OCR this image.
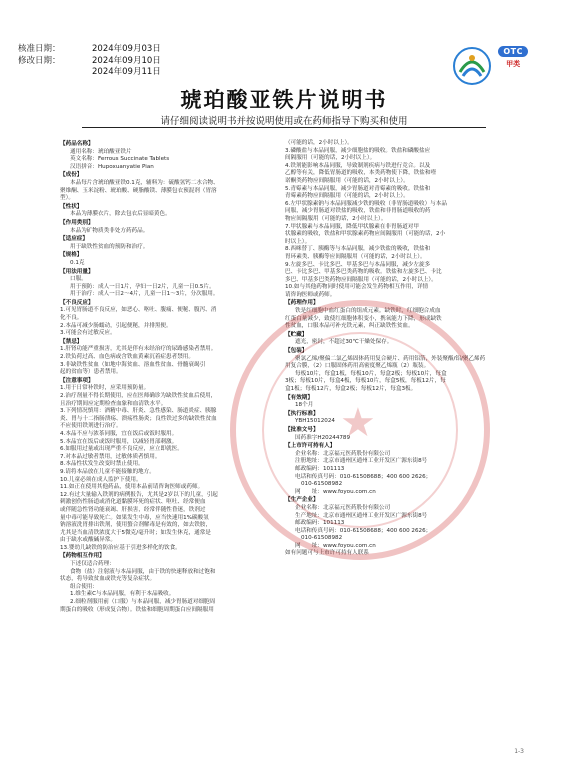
核准日期：	2024年09月03日
修改日期：	2024年09月10日
2024年09月11日
OTC
甲类
琥珀酸亚铁片说明书
请仔细阅读说明书并按说明使用或在药师指导下购买和使用
【药品名称】
通用名称：琥珀酸亚铁片
英文名称：Ferrous Succinate Tablets
汉语拼音：Hupoxuanyatie Pian
【成份】
本品每片含琥珀酸亚铁0.1克，辅料为：硫酸氢钙二水合物、
聚维酮、玉米淀粉、琥珀酸、硬脂酸镁、薄膜包衣预混剂（胃溶
型）。
【性状】
本品为薄膜衣片，除去包衣后显暗黄色。
【作用类别】
本品为矿物质类非处方药药品。
【适应症】
用于缺铁性贫血的预防和治疗。
【规格】
0.1克
【用法用量】
口服。
用于预防：成人一日1片，孕妇一日2片，儿童一日0.5片。
用于治疗：成人一日2～4片，儿童一日1～3片，分次服用。
【不良反应】
1.可见胃肠道不良反应，如恶心、呕吐、腹痛、便秘、腹泻、消
化不良。
2.本品可减少肠蠕动，引起便秘，并排黑便。
3.可能会有过敏反应。
【禁忌】
1.肝肾功能严重损害，尤其是伴有未经治疗的尿路感染者禁用。
2.铁负荷过高、血色病或含铁血黄素沉着症患者禁用。
3.非缺铁性贫血（如地中海贫血、溶血性贫血、骨髓衰竭引
起的贫血等）患者禁用。
【注意事项】
1.用于日常补铁时，应采用预防量。
2.治疗剂量不得长期使用，应在医师确诊为缺铁性贫血后使用，
且治疗期间应定期检查血象和血清铁水平。
3.下列情况慎用：酒精中毒、肝炎、急性感染、肠道炎症、胰腺
炎、胃与十二指肠溃疡、溃疡性肠炎；良性铁过多的缺铁性贫血
不应使用铁剂进行治疗。
4.本品不应与浓茶同服，宜在饭后或饭时服用。
5.本品宜在饭后或饭时服用，以减轻胃部刺激。
6.如服用过量或出现严重不良反应，应立即就医。
7.对本品过敏者禁用，过敏体质者慎用。
8.本品性状发生改变时禁止使用。
9.请将本品放在儿童不能接触的地方。
10.儿童必须在成人监护下使用。
11.如正在使用其他药品，使用本品前请咨询医师或药师。
12.有过大量输入铁剂的病例报告，尤其是2岁以下的儿童，引起
刺激创伤性肠道或消化道黏膜坏死的症状、呕吐、经常便血
或伴随急性肾功能衰竭、肝损害，经常伴随性昏迷，铁剂过
量中毒可能导致死亡。如果发生中毒，应当快速用1%碳酸氢
钠溶液洗胃排出铁剂，使用螯合剂解毒是有效的，如去铁胺，
尤其是当血清铁浓度大于5微克/毫升时；如发生休克，通常是
由于缺水或酸碱异常。
13.婴幼儿缺铁的防治应基于引进多样化的饮食。
【药物相互作用】
下述仅适合药理：
食物（盐）注射液与本品同服，由于铁的快速释放和过饱和
状态，将导致贫血或铁充等复杂症状。
组合使用：
1.维生素C与本品同服，有利于本品吸收。
2.细粒剂服用前（口服）与本品同服，减少胃肠道对细胞周
期蛋白的吸收（形成复合物）。铁盐和细胞周期蛋白应间隔服用
（可能的话，2小时以上）。
3.磷酸盐与本品同服，减少细胞盐的吸收。铁盐和磷酸盐应
间隔服用（可能的话，2小时以上）。
4.铁剂能影响本品同服，导致制剂疾病与铁进行竞合。以及
乙醇等有关，降低胃肠道的吸收，本类药物使下降，铁盐和喹
诺酮类药物应间隔服用（可能的话，2小时以上）。
5.青霉素与本品同服，减少胃肠道对青霉素的吸收。铁盐和
青霉素药物应间隔服用（可能的话，2小时以上）。
6.左甲状腺素钠与本品同服减少铁的吸收（非胃肠道吸收）与本品
同服，减少胃肠道对铁盐的吸收，铁盐和非胃肠道吸收的药
物应间隔服用（可能的话，2小时以上）。
7.甲状腺素与本品同服，降低甲状腺素在非胃肠道对甲
状腺素的吸收，铁盐和甲状腺素药物应间隔服用（可能的话，2小
时以上）。
8.西咪替丁、胰酶等与本品同服，减少铁盐的吸收，铁盐和
胃环素类、胰酶等应间隔服用（可能的话，2小时以上）。
9.左旋多巴、卡比多巴、甲基多巴与本品同服，减少左旋多
巴、卡比多巴、甲基多巴类药物的吸收。铁盐和左旋多巴、卡比
多巴、甲基多巴类药物应间隔服用（可能的话，2小时以上）。
10.如与其他药物同时使用可能会发生药物相互作用，详情
请咨询医师或药师。
【药理作用】
铁是红细胞中血红蛋白的组成元素。缺铁时，红细胞合成血
红蛋白量减少，致使红细胞体积变小，携氧能力下降，形成缺铁
性贫血，口服本品可补充铁元素，纠正缺铁性贫血。
【贮藏】
遮光，密封，不超过30℃干燥处保存。
【包装】
聚氯乙烯/聚偏二氯乙烯固体药用复合硬片、药用铝箔，外装聚酯/铝/聚乙烯药
用复合膜，（2）口服固体药用高密度聚乙烯瓶（2）瓶装。
每板10片，每盒1板，每板10片，每盒2板；每板10片，每盒
3板；每板10片，每盒4板，每板10片，每盒5板，每板12片，每
盒1板；每板12片，每盒2板；每板12片，每盒3板。
【有效期】
18个月
【执行标准】
YBH15012024
【批准文号】
国药准字H20244789
【上市许可持有人】
企业名称：北京福元医药股份有限公司
注册地址：北京市通州区通州工业开发区广源东街8号
邮政编码：101113
电话和传真号码：010-61508688；400 600 2626；
010-61508982
网　　址：www.foyou.com.cn
【生产企业】
企业名称：北京福元医药股份有限公司
生产地址：北京市通州区通州工业开发区广源东街8号
邮政编码：101113
电话和传真号码：010-61508688；400 600 2626；
010-61508982
网　　址：www.foyou.com.cn
如有问题可与上市许可持有人联系
★
1-3
